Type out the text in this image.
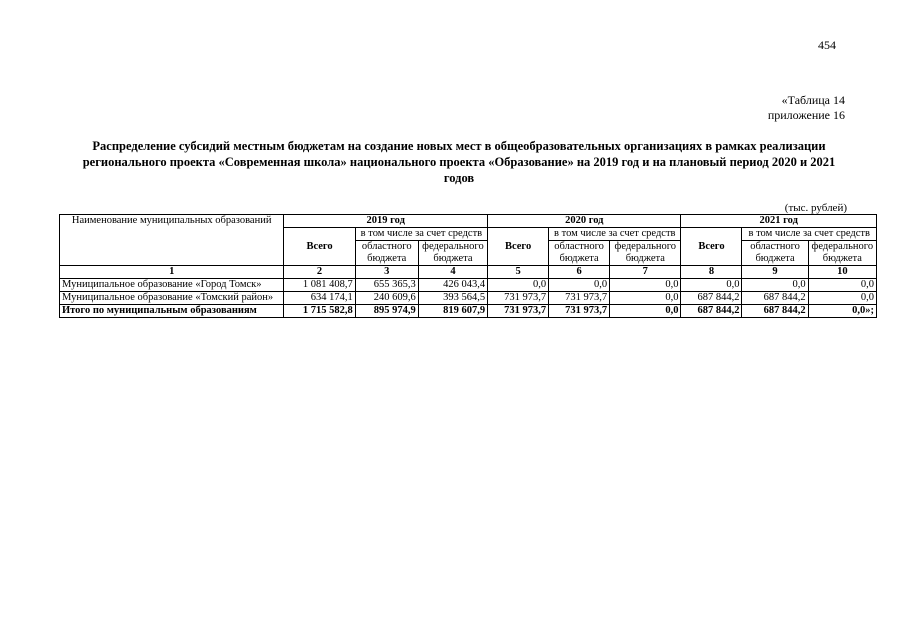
454
«Таблица 14
приложение 16
Распределение субсидий местным бюджетам на создание новых мест в общеобразовательных организациях в рамках реализации регионального проекта «Современная школа» национального проекта «Образование» на 2019 год и на плановый период 2020 и 2021 годов
(тыс. рублей)
Наименование муниципальных образований	2019 год			2020 год			2021 год		
	Всего	в том числе за счет средств		Всего	в том числе за счет средств		Всего	в том числе за счет средств	
		областного бюджета	федерального бюджета		областного бюджета	федерального бюджета		областного бюджета	федерального бюджета
1	2	3	4	5	6	7	8	9	10
Муниципальное образование «Город Томск»	1 081 408,7	655 365,3	426 043,4	0,0	0,0	0,0	0,0	0,0	0,0
Муниципальное образование «Томский район»	634 174,1	240 609,6	393 564,5	731 973,7	731 973,7	0,0	687 844,2	687 844,2	0,0
Итого по муниципальным образованиям	1 715 582,8	895 974,9	819 607,9	731 973,7	731 973,7	0,0	687 844,2	687 844,2	0,0»;
